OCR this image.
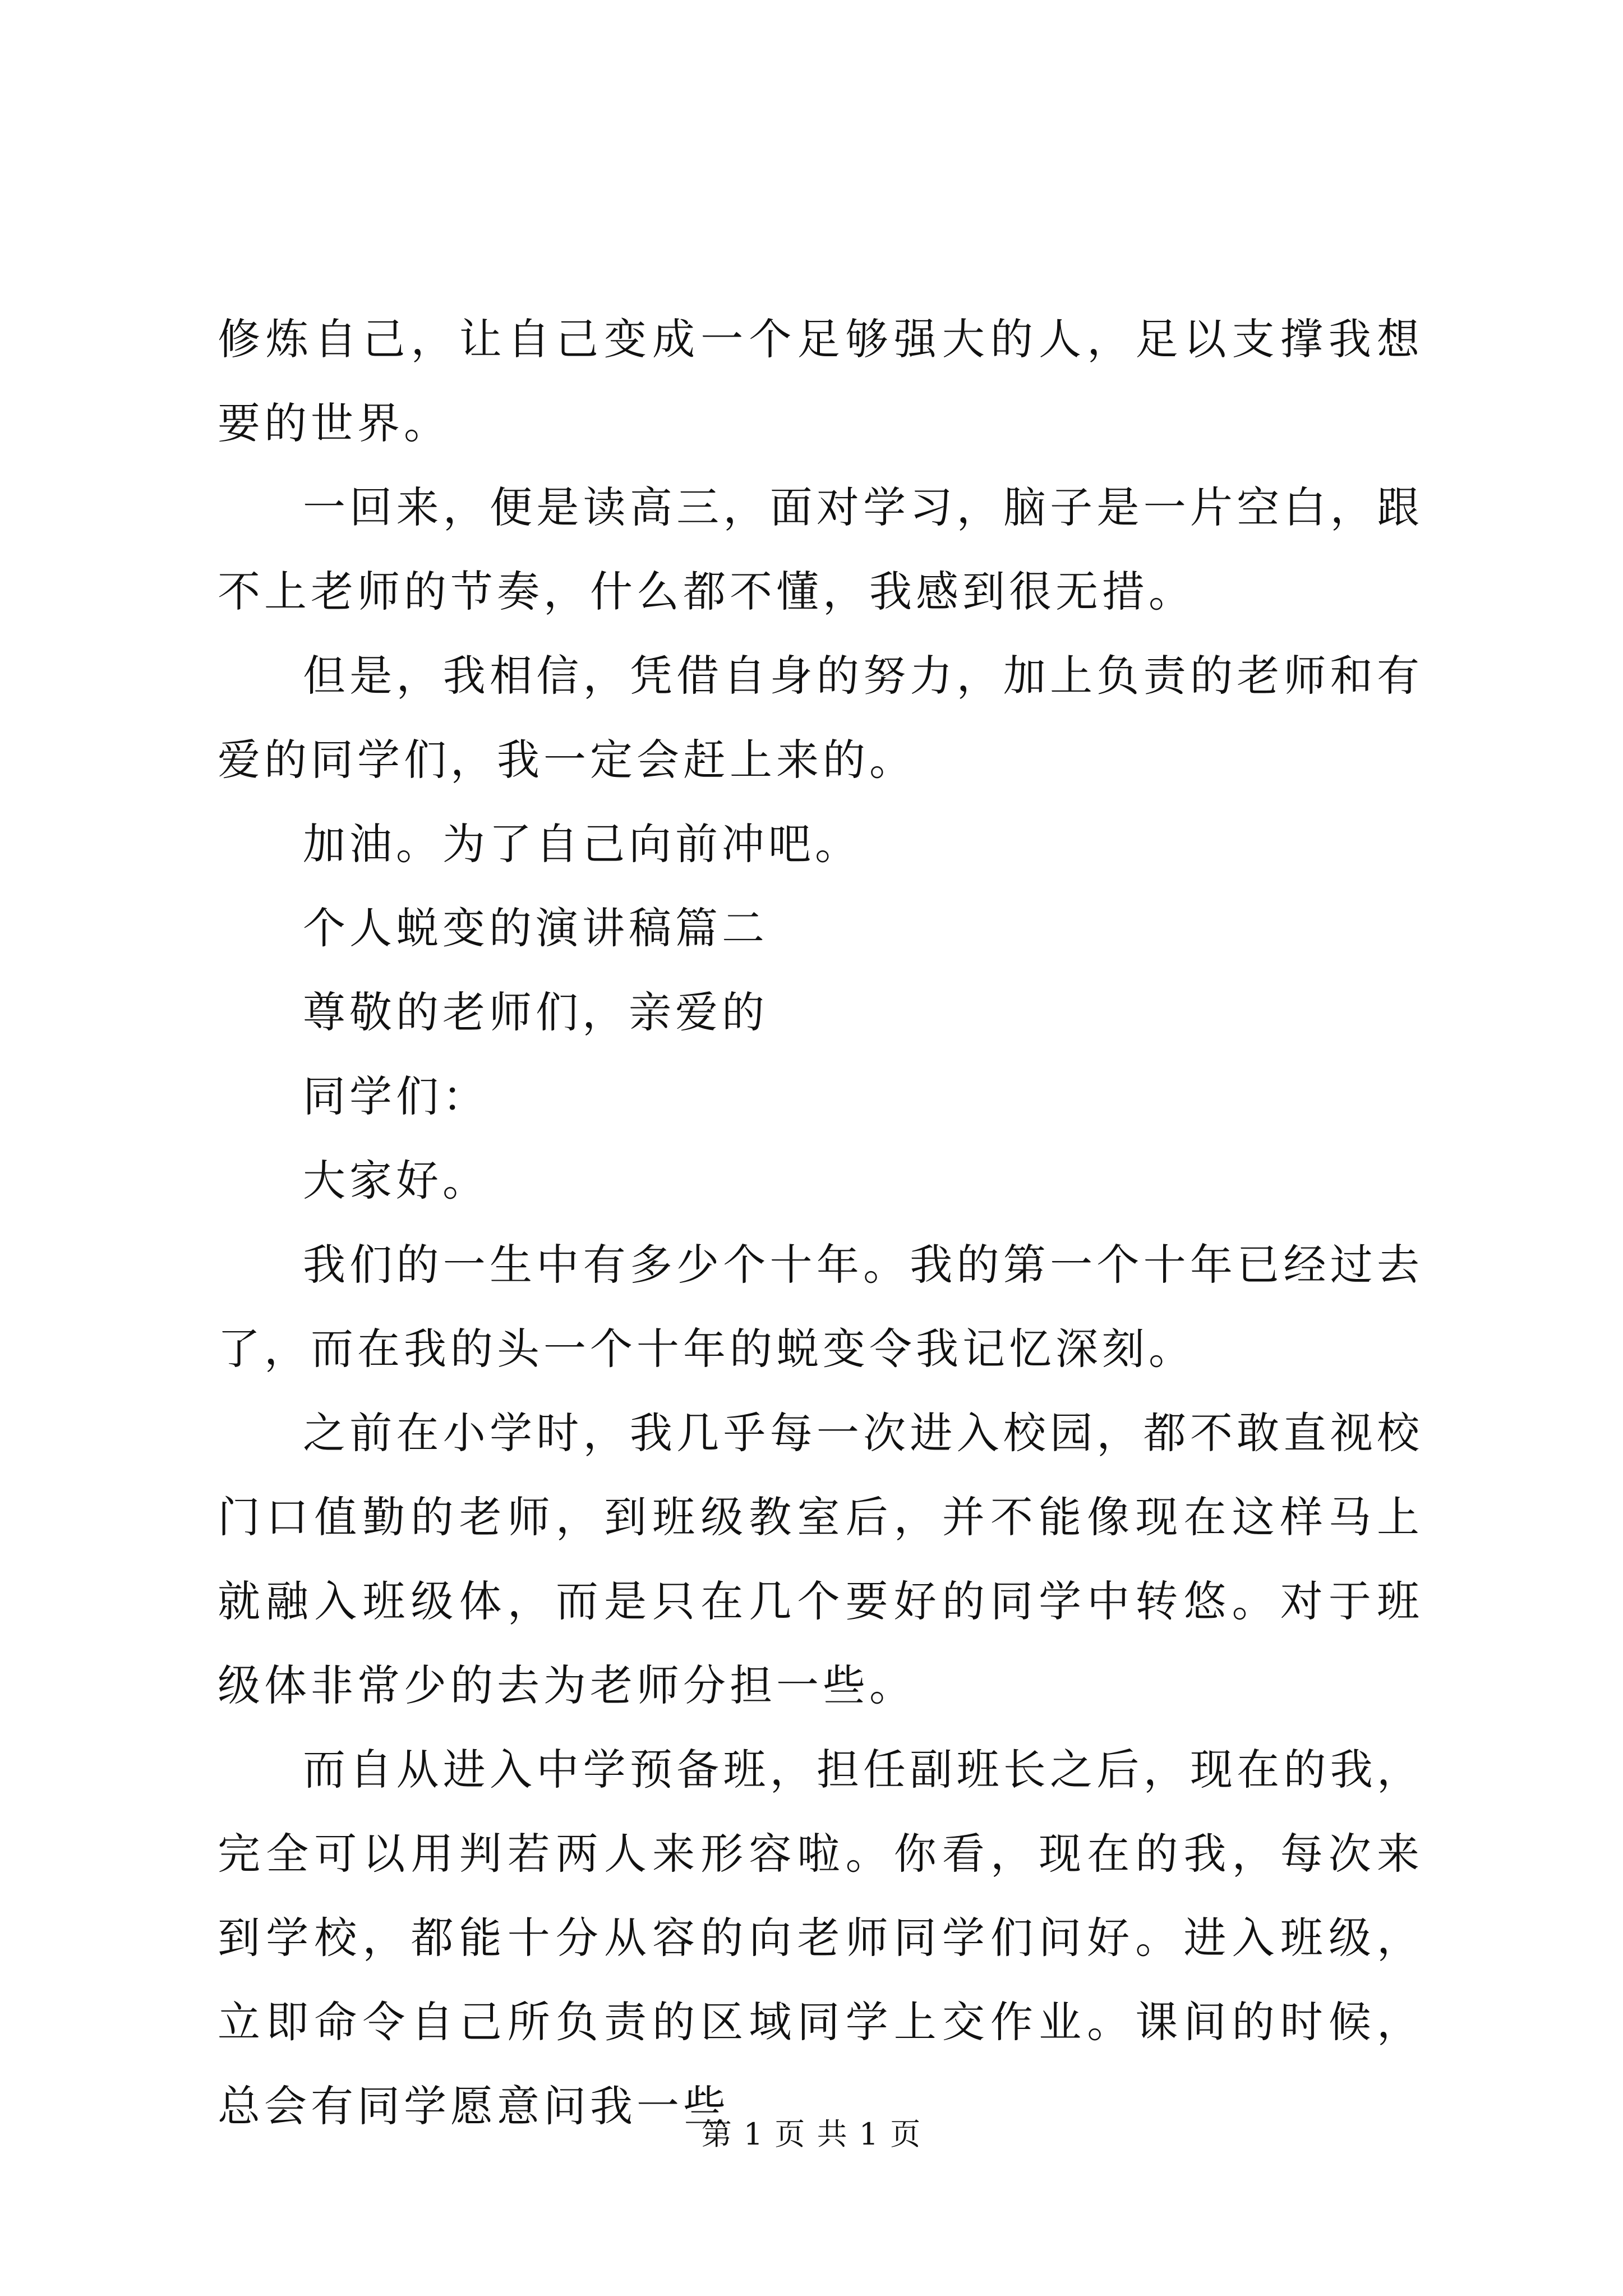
修炼自己，让自己变成一个足够强大的人，足以支撑我想要的世界。

一回来，便是读高三，面对学习，脑子是一片空白，跟不上老师的节奏，什么都不懂，我感到很无措。

但是，我相信，凭借自身的努力，加上负责的老师和有爱的同学们，我一定会赶上来的。

加油。为了自己向前冲吧。

个人蜕变的演讲稿篇二

尊敬的老师们，亲爱的

同学们：

大家好。

我们的一生中有多少个十年。我的第一个十年已经过去了，而在我的头一个十年的蜕变令我记忆深刻。

之前在小学时，我几乎每一次进入校园，都不敢直视校门口值勤的老师，到班级教室后，并不能像现在这样马上就融入班级体，而是只在几个要好的同学中转悠。对于班级体非常少的去为老师分担一些。

而自从进入中学预备班，担任副班长之后，现在的我，完全可以用判若两人来形容啦。你看，现在的我，每次来到学校，都能十分从容的向老师同学们问好。进入班级，立即命令自己所负责的区域同学上交作业。课间的时候，总会有同学愿意问我一些

第 1 页 共 1 页
